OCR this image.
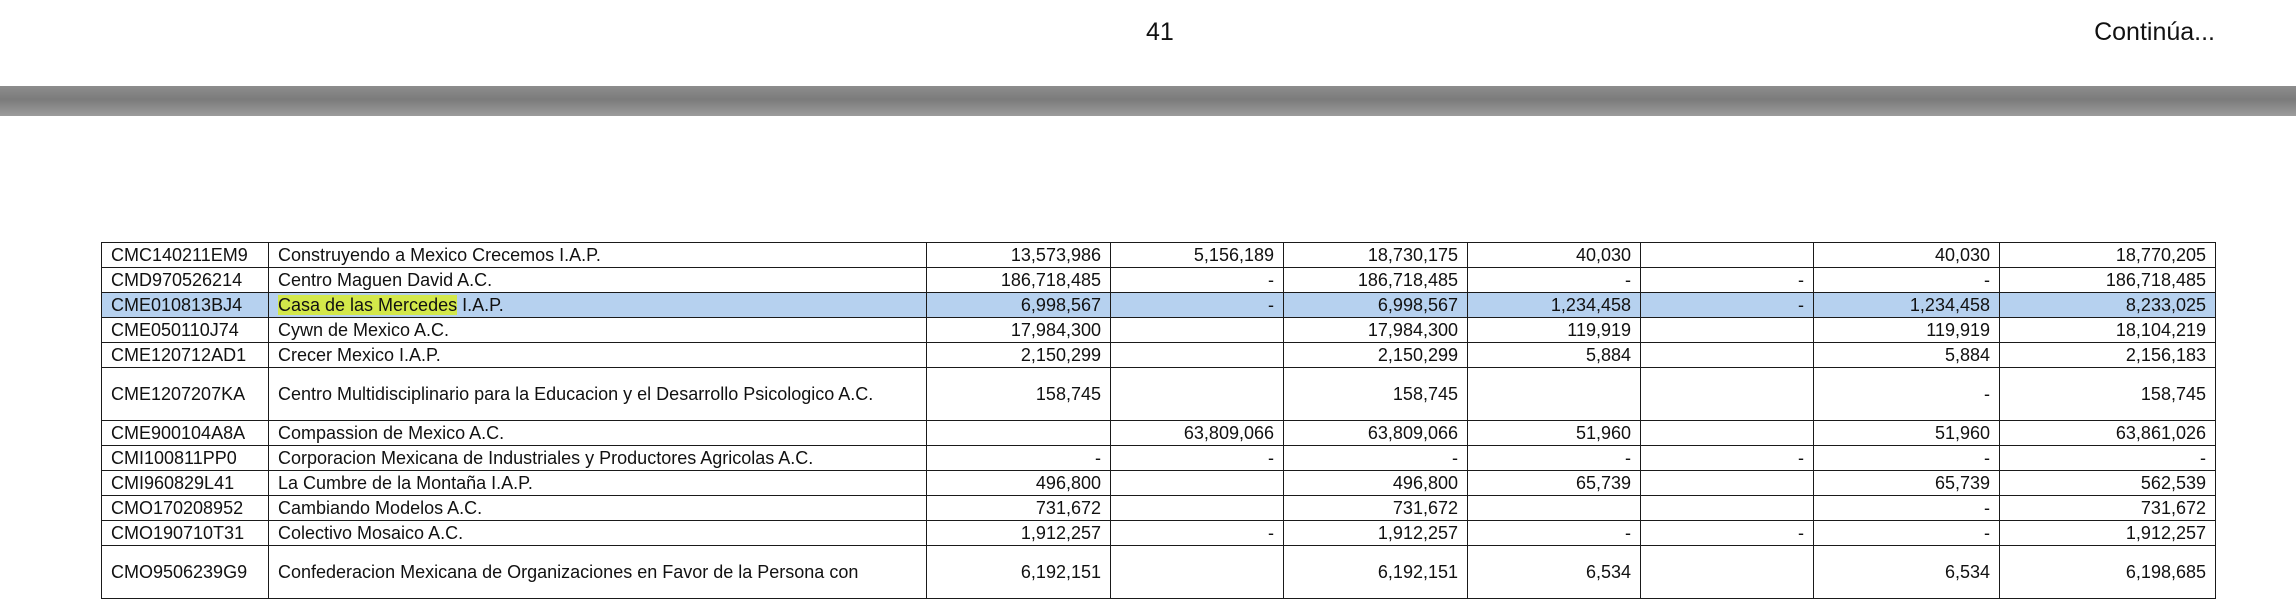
41	Continúa...
CMC140211EM9	Construyendo a Mexico Crecemos I.A.P.	13,573,986	5,156,189	18,730,175	40,030		40,030	18,770,205
CMD970526214	Centro Maguen David A.C.	186,718,485	-	186,718,485	-	-	-	186,718,485
CME010813BJ4	Casa de las Mercedes I.A.P.	6,998,567	-	6,998,567	1,234,458	-	1,234,458	8,233,025
CME050110J74	Cywn de Mexico A.C.	17,984,300		17,984,300	119,919		119,919	18,104,219
CME120712AD1	Crecer Mexico I.A.P.	2,150,299		2,150,299	5,884		5,884	2,156,183
CME1207207KA	Centro Multidisciplinario para la Educacion y el Desarrollo Psicologico A.C.	158,745		158,745			-	158,745
CME900104A8A	Compassion de Mexico A.C.		63,809,066	63,809,066	51,960		51,960	63,861,026
CMI100811PP0	Corporacion Mexicana de Industriales y Productores Agricolas A.C.	-	-	-	-	-	-	-
CMI960829L41	La Cumbre de la Montaña I.A.P.	496,800		496,800	65,739		65,739	562,539
CMO170208952	Cambiando Modelos A.C.	731,672		731,672			-	731,672
CMO190710T31	Colectivo Mosaico A.C.	1,912,257	-	1,912,257	-	-	-	1,912,257
CMO9506239G9	Confederacion Mexicana de Organizaciones en Favor de la Persona con	6,192,151		6,192,151	6,534		6,534	6,198,685
